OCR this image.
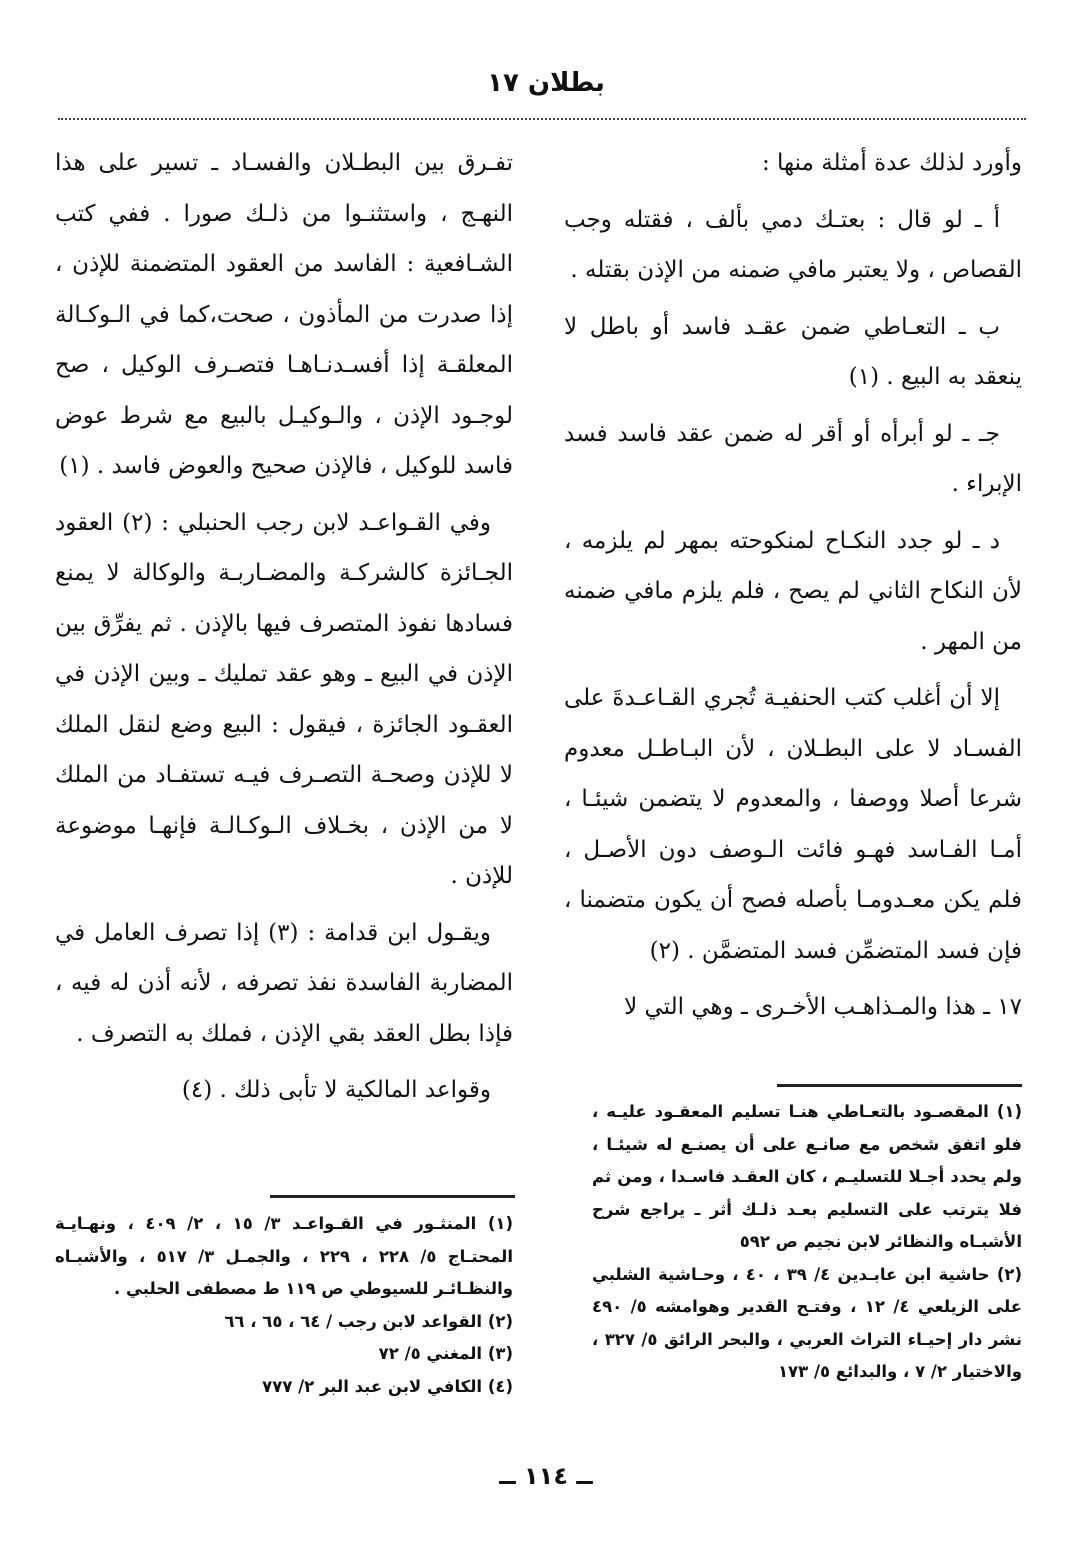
بطلان ١٧

وأورد لذلك عدة أمثلة منها :

أ ـ لو قال : بعتـك دمي بألف ، فقتله وجب القصاص ، ولا يعتبر مافي ضمنه من الإذن بقتله .

ب ـ التعـاطي ضمن عقـد فاسد أو باطل لا ينعقد به البيع . (١)

جـ ـ لو أبرأه أو أقر له ضمن عقد فاسد فسد الإبراء .

د ـ لو جدد النكـاح لمنكوحته بمهر لم يلزمه ، لأن النكاح الثاني لم يصح ، فلم يلزم مافي ضمنه من المهر .

إلا أن أغلب كتب الحنفيـة تُجري القـاعـدةَ على الفسـاد لا على البطـلان ، لأن البـاطـل معدوم شرعا أصلا ووصفا ، والمعدوم لا يتضمن شيئـا ، أمـا الفـاسد فهـو فائت الـوصف دون الأصـل ، فلم يكن معـدومـا بأصله فصح أن يكون متضمنا ، فإن فسد المتضمِّن فسد المتضمَّن . (٢)

١٧ ـ هذا والمـذاهـب الأخـرى ـ وهي التي لا

تفـرق بين البطـلان والفسـاد ـ تسير على هذا النهـج ، واستثنـوا من ذلـك صورا . ففي كتب الشـافعية : الفاسد من العقود المتضمنة للإذن ، إذا صدرت من المأذون ، صحت،كما في الـوكـالة المعلقـة إذا أفسـدنـاهـا فتصـرف الوكيل ، صح لوجـود الإذن ، والـوكيـل بالبيع مع شرط عوض فاسد للوكيل ، فالإذن صحيح والعوض فاسد . (١)

وفي القـواعـد لابن رجب الحنبلي : (٢) العقود الجـائزة كالشركـة والمضـاربـة والوكالة لا يمنع فسادها نفوذ المتصرف فيها بالإذن . ثم يفرِّق بين الإذن في البيع ـ وهو عقد تمليك ـ وبين الإذن في العقـود الجائزة ، فيقول : البيع وضع لنقل الملك لا للإذن وصحـة التصـرف فيـه تستفـاد من الملك لا من الإذن ، بخـلاف الـوكـالـة فإنهـا موضوعة للإذن .

ويقـول ابن قدامة : (٣) إذا تصرف العامل في المضاربة الفاسدة نفذ تصرفه ، لأنه أذن له فيه ، فإذا بطل العقد بقي الإذن ، فملك به التصرف .

وقواعد المالكية لا تأبى ذلك . (٤)

(١) المقصـود بالتعـاطي هنـا تسليم المعقـود عليـه ، فلو اتفق شخص مع صانـع على أن يصنـع له شيئـا ، ولم يحدد أجـلا للتسليـم ، كان العقـد فاسـدا ، ومن ثم فلا يترتب على التسليم بعـد ذلـك أثر ـ يراجع شرح الأشبـاه والنظائر لابن نجيم ص ٥٩٢

(٢) حاشية ابن عابـدين ٤/ ٣٩ ، ٤٠ ، وحـاشية الشلبي على الزيلعي ٤/ ١٢ ، وفتـح القدير وهوامشه ٥/ ٤٩٠ نشر دار إحيـاء التراث العربي ، والبحر الرائق ٥/ ٣٢٧ ، والاختيار ٢/ ٧ ، والبدائع ٥/ ١٧٣

(١) المنثـور في القـواعـد ٣/ ١٥ ، ٢/ ٤٠٩ ، ونهـايـة المحتـاج ٥/ ٢٢٨ ، ٢٢٩ ، والجمـل ٣/ ٥١٧ ، والأشبـاه والنظـائـر للسيوطي ص ١١٩ ط مصطفى الحلبي .

(٢) القواعد لابن رجب / ٦٤ ، ٦٥ ، ٦٦

(٣) المغني ٥/ ٧٢

(٤) الكافي لابن عبد البر ٢/ ٧٧٧

ــ ١١٤ ــ
